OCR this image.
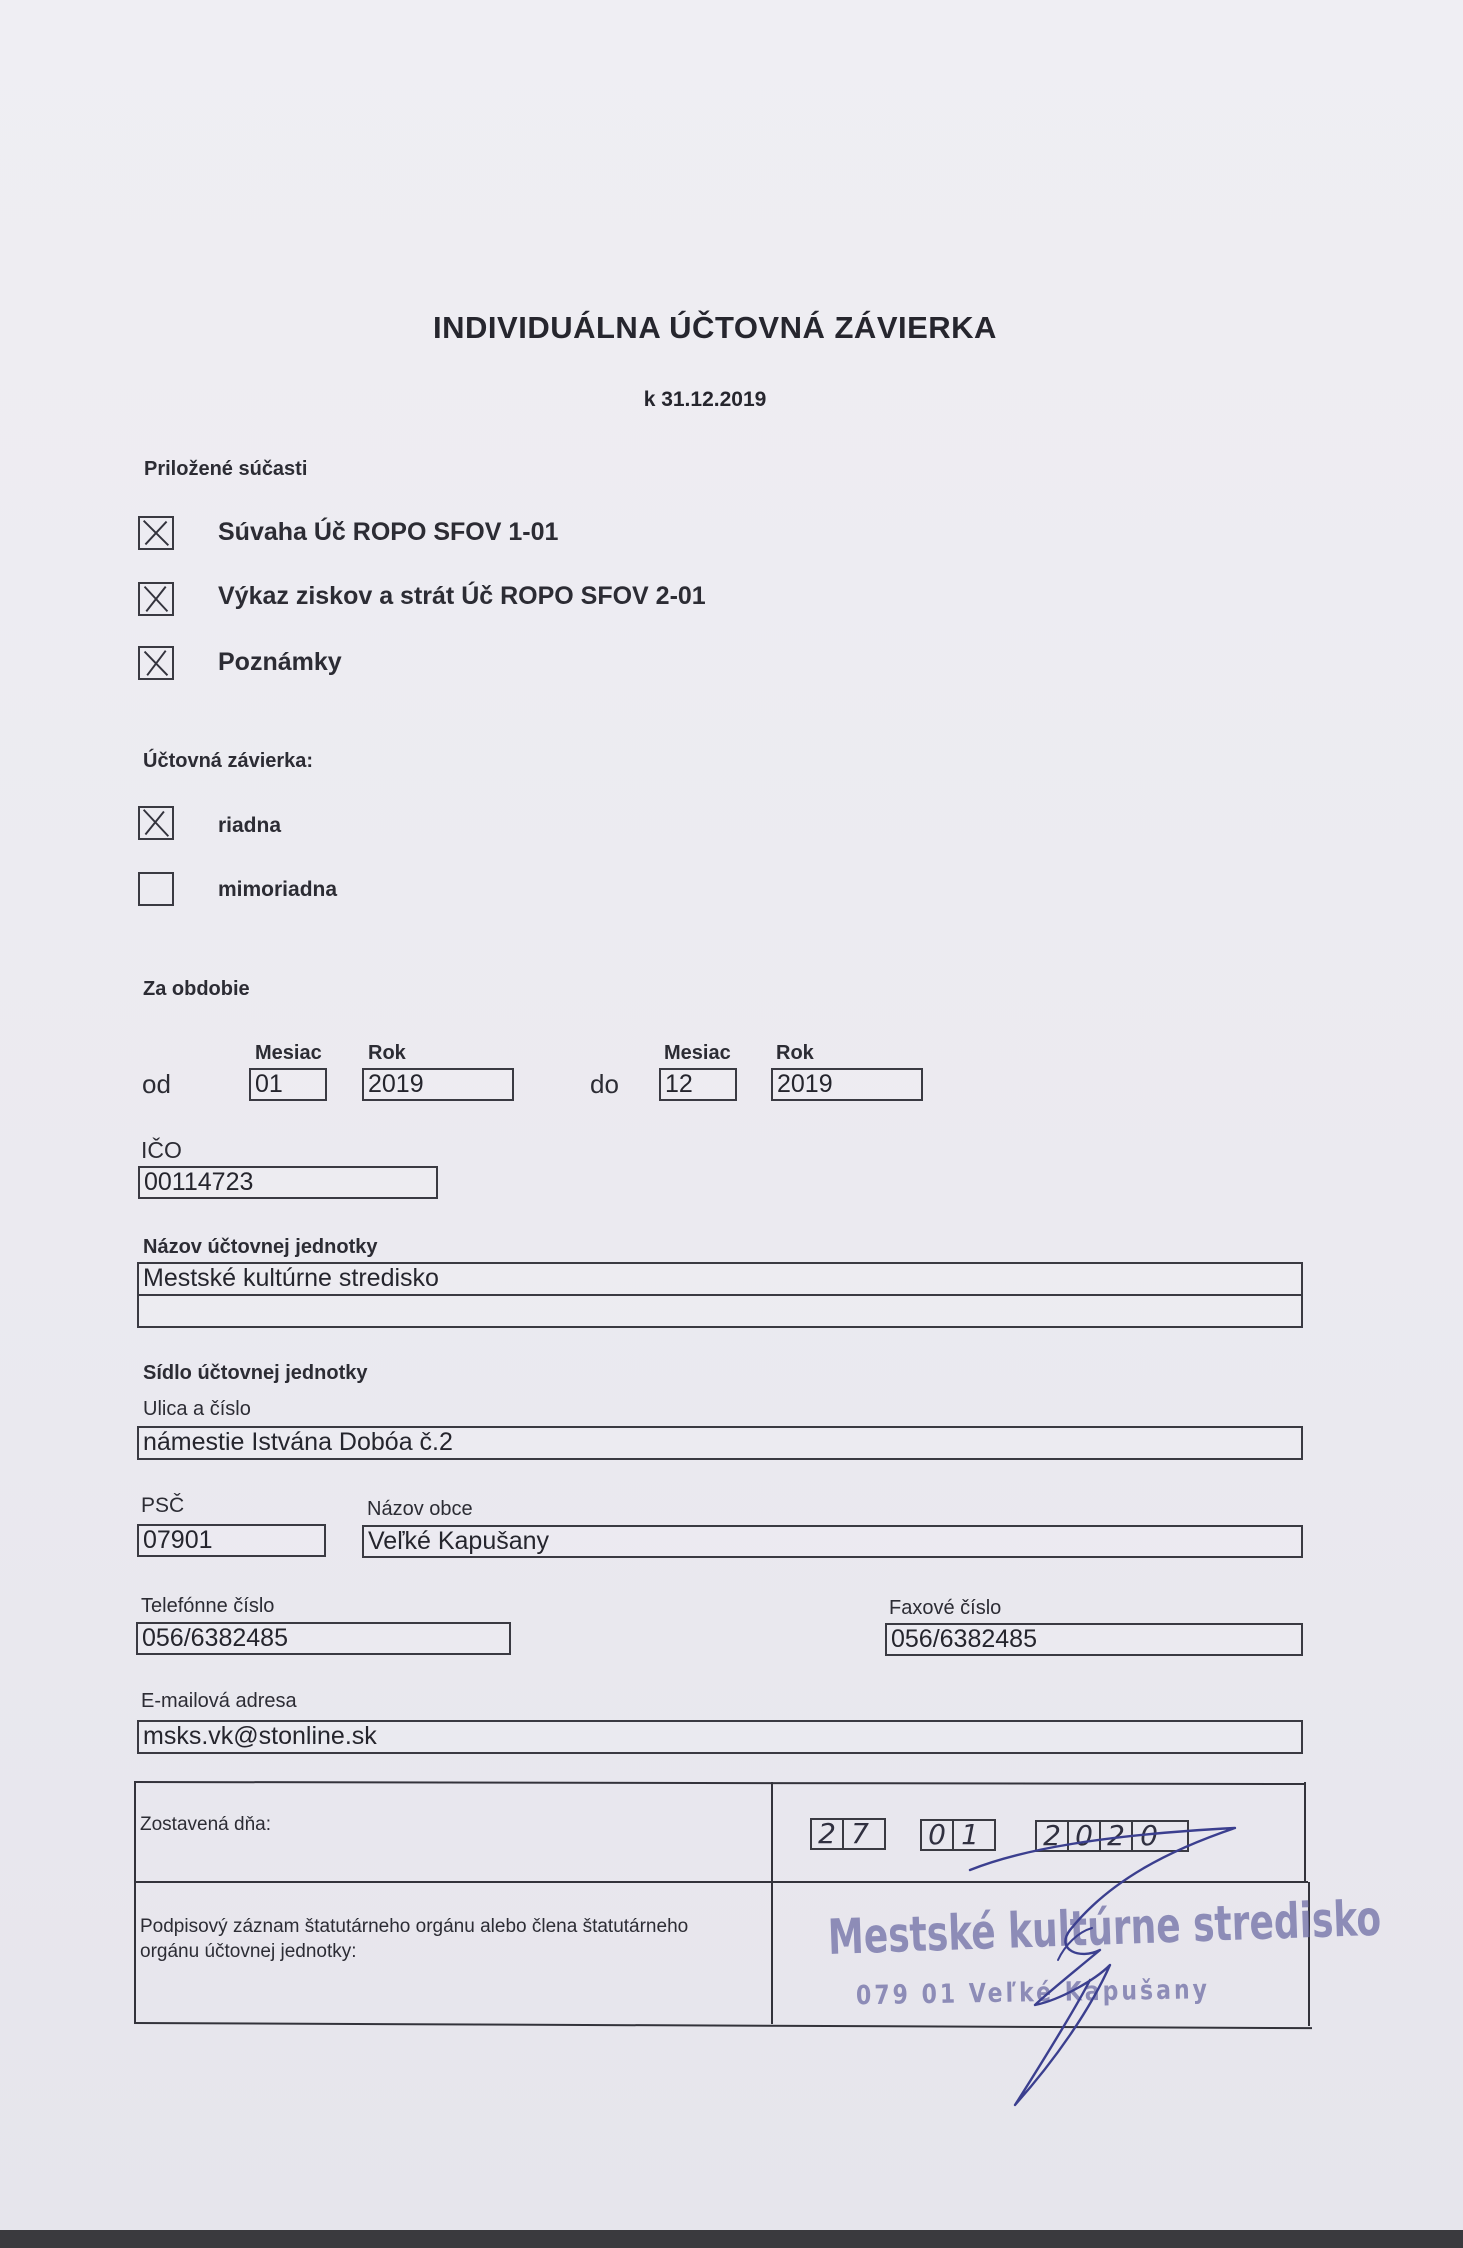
INDIVIDUÁLNA ÚČTOVNÁ ZÁVIERKA
k 31.12.2019
Priložené súčasti
Súvaha Úč ROPO SFOV 1-01
Výkaz ziskov a strát Úč ROPO SFOV 2-01
Poznámky
Účtovná závierka:
riadna
mimoriadna
Za obdobie
Mesiac Rok	Mesiac Rok
od	01	2019	do 12	2019
IČO
00114723
Názov účtovnej jednotky
Mestské kultúrne stredisko
Sídlo účtovnej jednotky
Ulica a číslo
námestie Istvána Dobóa č.2
PSČ
07901
Názov obce
Veľké Kapušany
Telefónne číslo
056/6382485
Faxové číslo
056/6382485
E-mailová adresa
msks.vk@stonline.sk
Zostavená dňa:	2 7 0 1 2 0 2 0
Podpisový záznam štatutárneho orgánu alebo člena štatutárneho
orgánu účtovnej jednotky:	Mestské kultúrne stredisko
079 01 Veľké Kapušany
